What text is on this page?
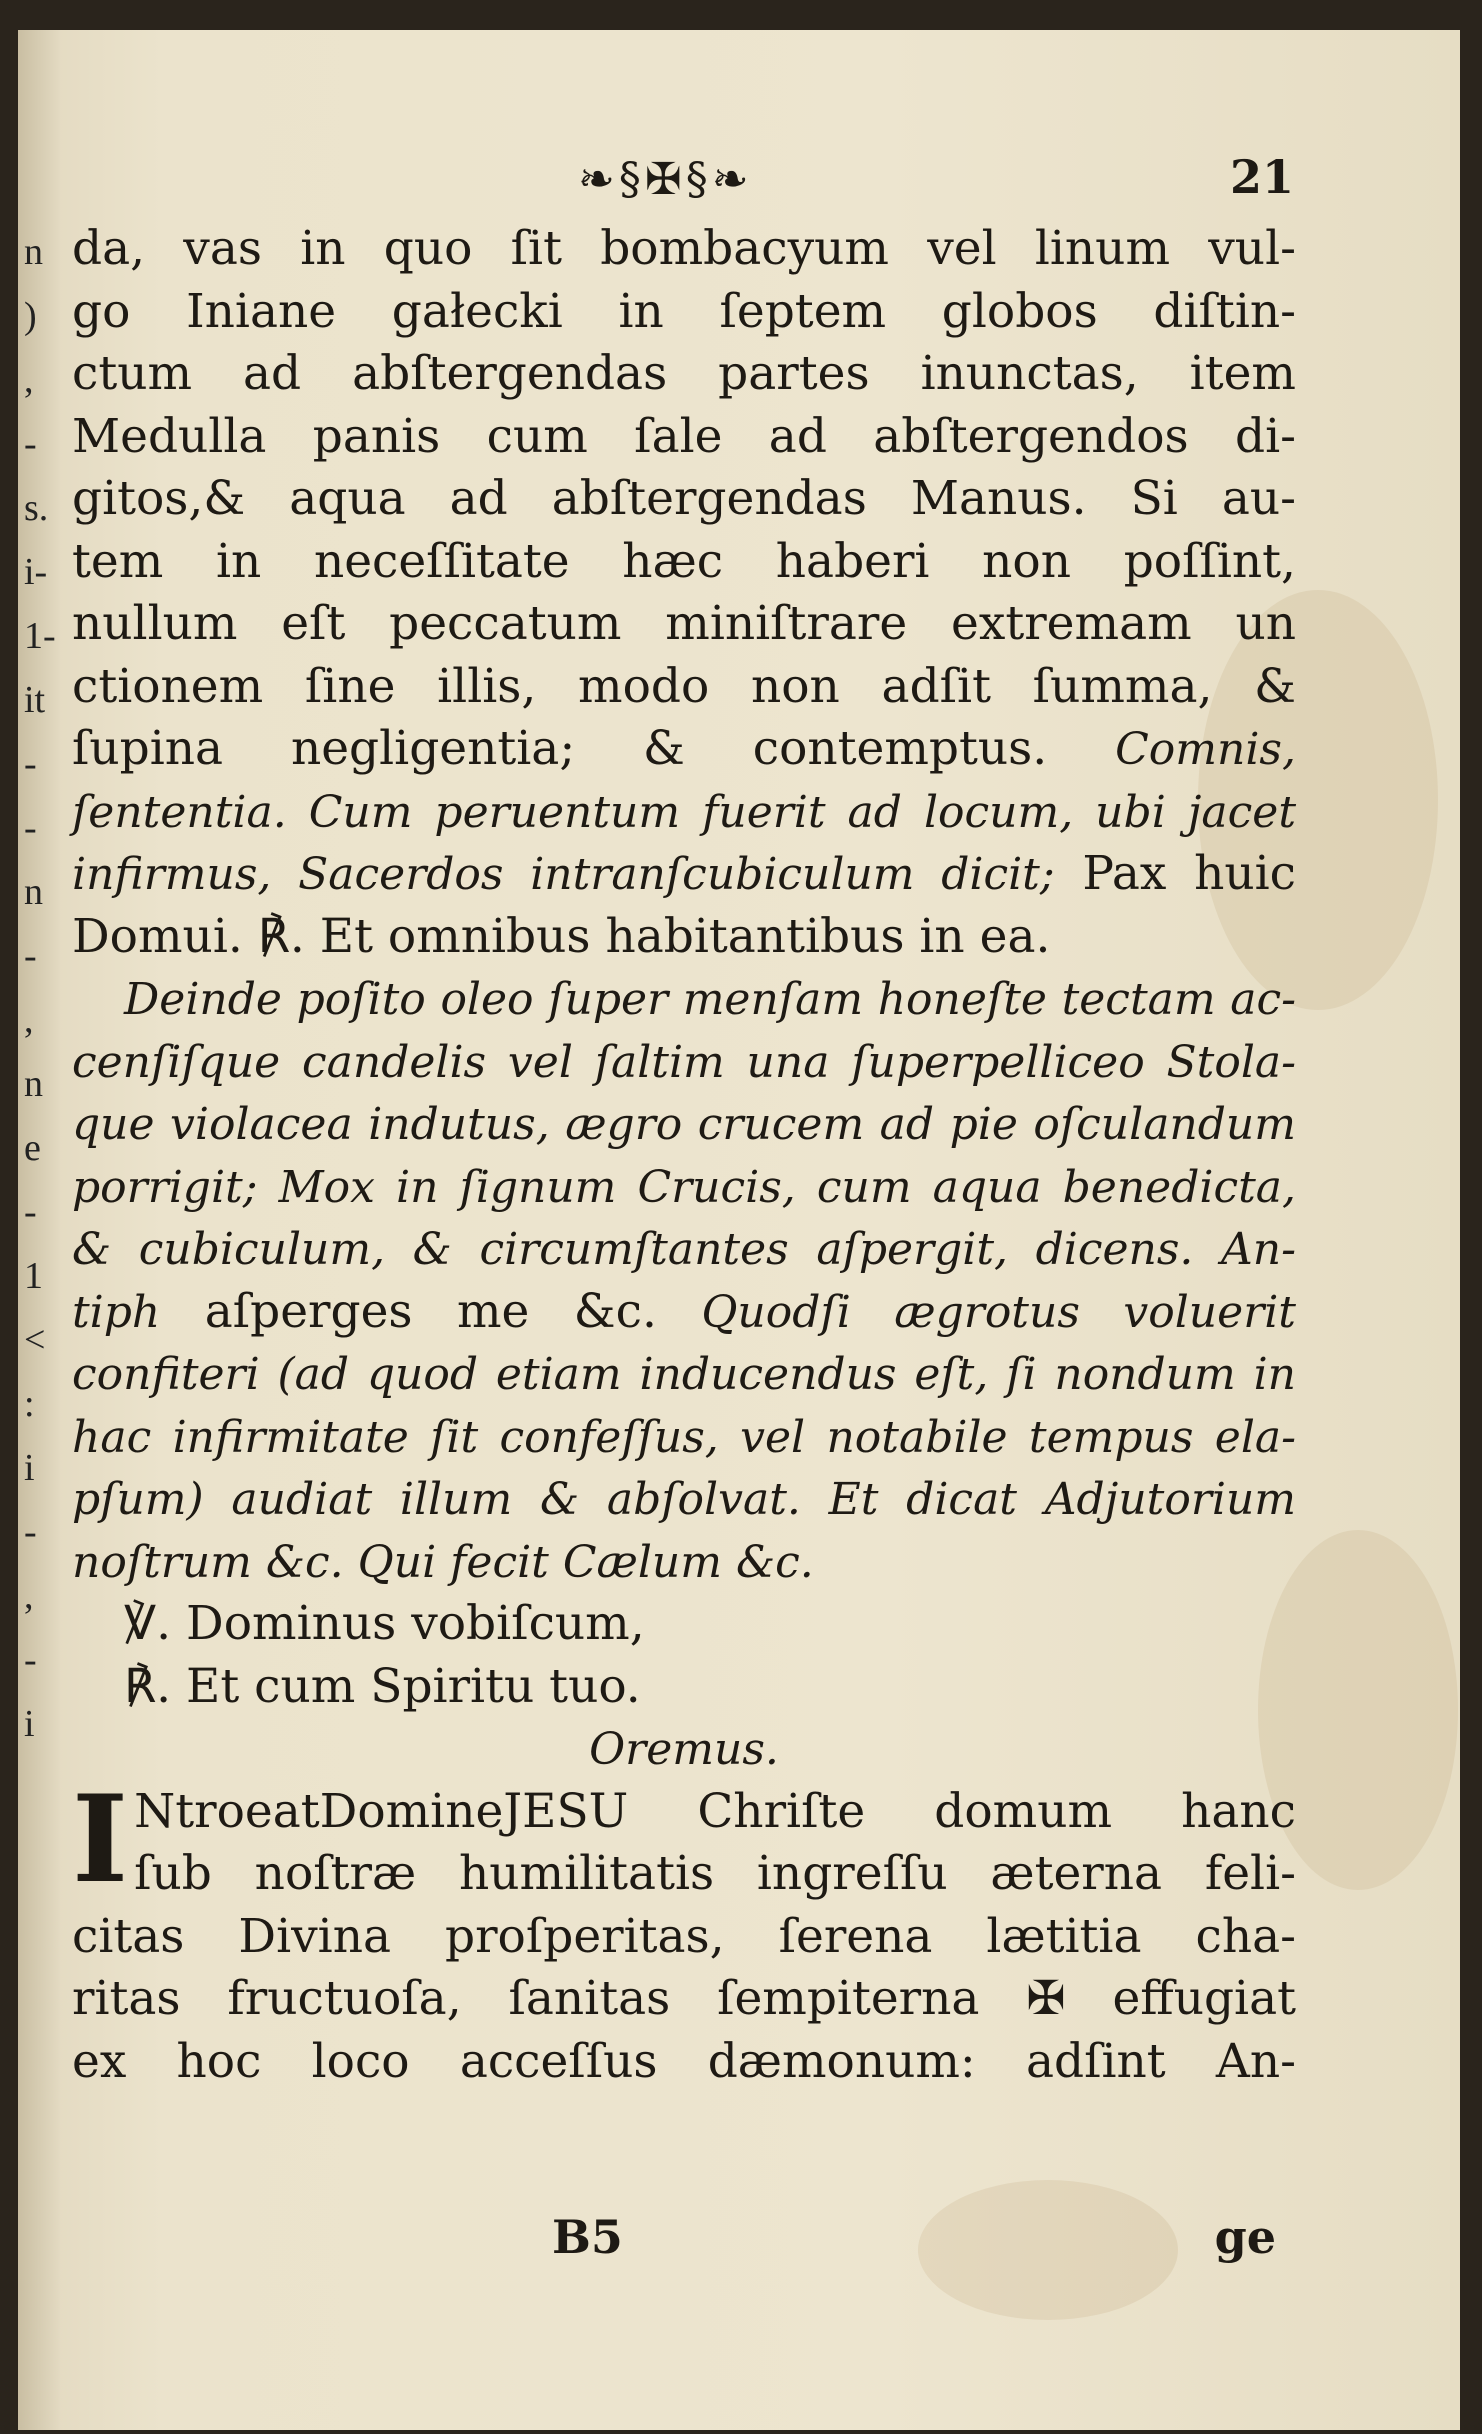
n
)
,
-
s.
i-
1-
it
-
-
n
-
,
n
e
-
1
<
:
i
-
,
-
i
❧§✠§❧	21
da, vas in quo ſit bombacyum vel linum vul-
go Iniane gałecki in ſeptem globos diſtin-
ctum ad abſtergendas partes inunctas, item
Medulla panis cum ſale ad abſtergendos di-
gitos,& aqua ad abſtergendas Manus. Si au-
tem in neceſſitate hæc haberi non poſſint,
nullum eſt peccatum miniſtrare extremam un
ctionem ſine illis, modo non adſit ſumma, &
ſupina negligentia; & contemptus. Comnis,
ſententia. Cum peruentum fuerit ad locum, ubi jacet
infirmus, Sacerdos intranſcubiculum dicit; Pax huic
Domui. ℟. Et omnibus habitantibus in ea.
Deinde poſito oleo ſuper menſam honeſte tectam ac-
cenſiſque candelis vel ſaltim una ſuperpelliceo Stola-
que violacea indutus, ægro crucem ad pie oſculandum
porrigit; Mox in ſignum Crucis, cum aqua benedicta,
& cubiculum, & circumſtantes aſpergit, dicens. An-
tiph aſperges me &c. Quodſi ægrotus voluerit
confiteri (ad quod etiam inducendus eſt, ſi nondum in
hac infirmitate ſit confeſſus, vel notabile tempus ela-
pſum) audiat illum & abſolvat. Et dicat Adjutorium
noſtrum &c. Qui fecit Cælum &c.
℣. Dominus vobiſcum,
℟. Et cum Spiritu tuo.
Oremus.
I NtroeatDomineJESU Chriſte domum hanc
ſub noſtræ humilitatis ingreſſu æterna feli-
citas Divina proſperitas, ſerena lætitia cha-
ritas fructuoſa, ſanitas ſempiterna ✠ effugiat
ex hoc loco acceſſus dæmonum: adſint An-
B5	ge
